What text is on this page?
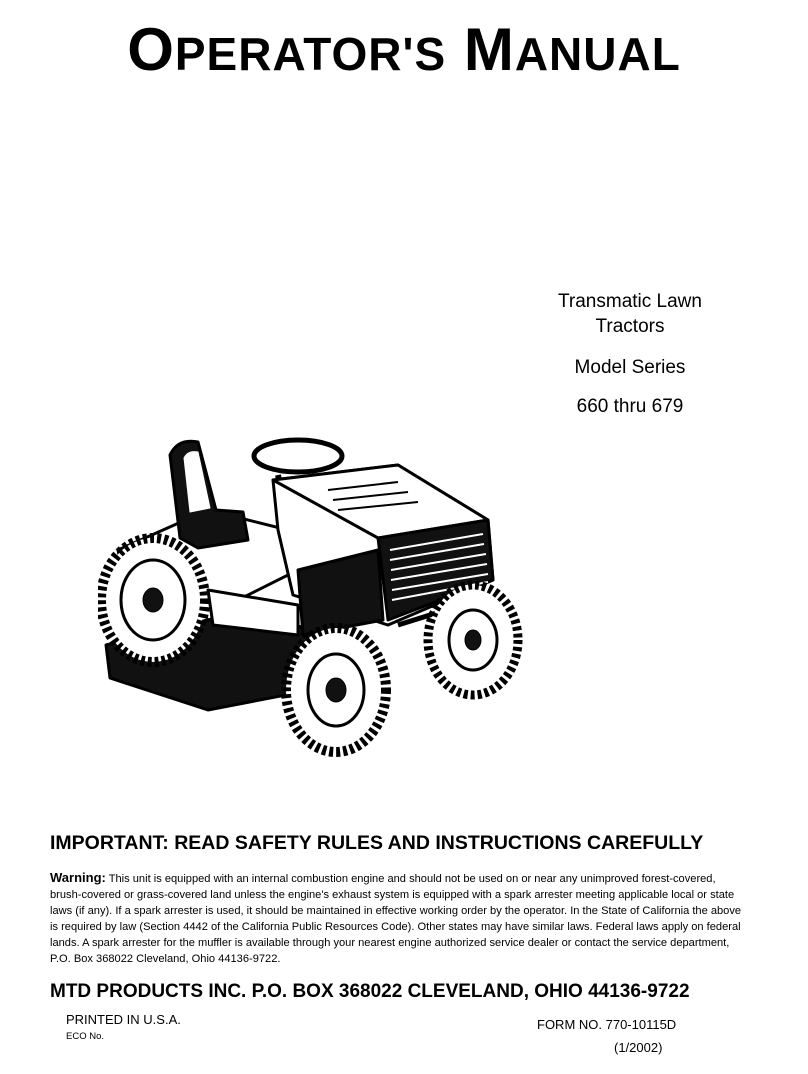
OPERATOR'S MANUAL
Transmatic Lawn
Tractors
Model Series
660 thru 679
IMPORTANT: READ SAFETY RULES AND INSTRUCTIONS CAREFULLY
Warning: This unit is equipped with an internal combustion engine and should not be used on or near any unimproved forest-covered, brush-covered or grass-covered land unless the engine's exhaust system is equipped with a spark arrester meeting applicable local or state laws (if any). If a spark arrester is used, it should be maintained in effective working order by the operator. In the State of California the above is required by law (Section 4442 of the California Public Resources Code). Other states may have similar laws. Federal laws apply on federal lands. A spark arrester for the muffler is available through your nearest engine authorized service dealer or contact the service department, P.O. Box 368022 Cleveland, Ohio 44136-9722.
MTD PRODUCTS INC. P.O. BOX 368022 CLEVELAND, OHIO 44136-9722
PRINTED IN U.S.A.
ECO No.
FORM NO. 770-10115D
(1/2002)
